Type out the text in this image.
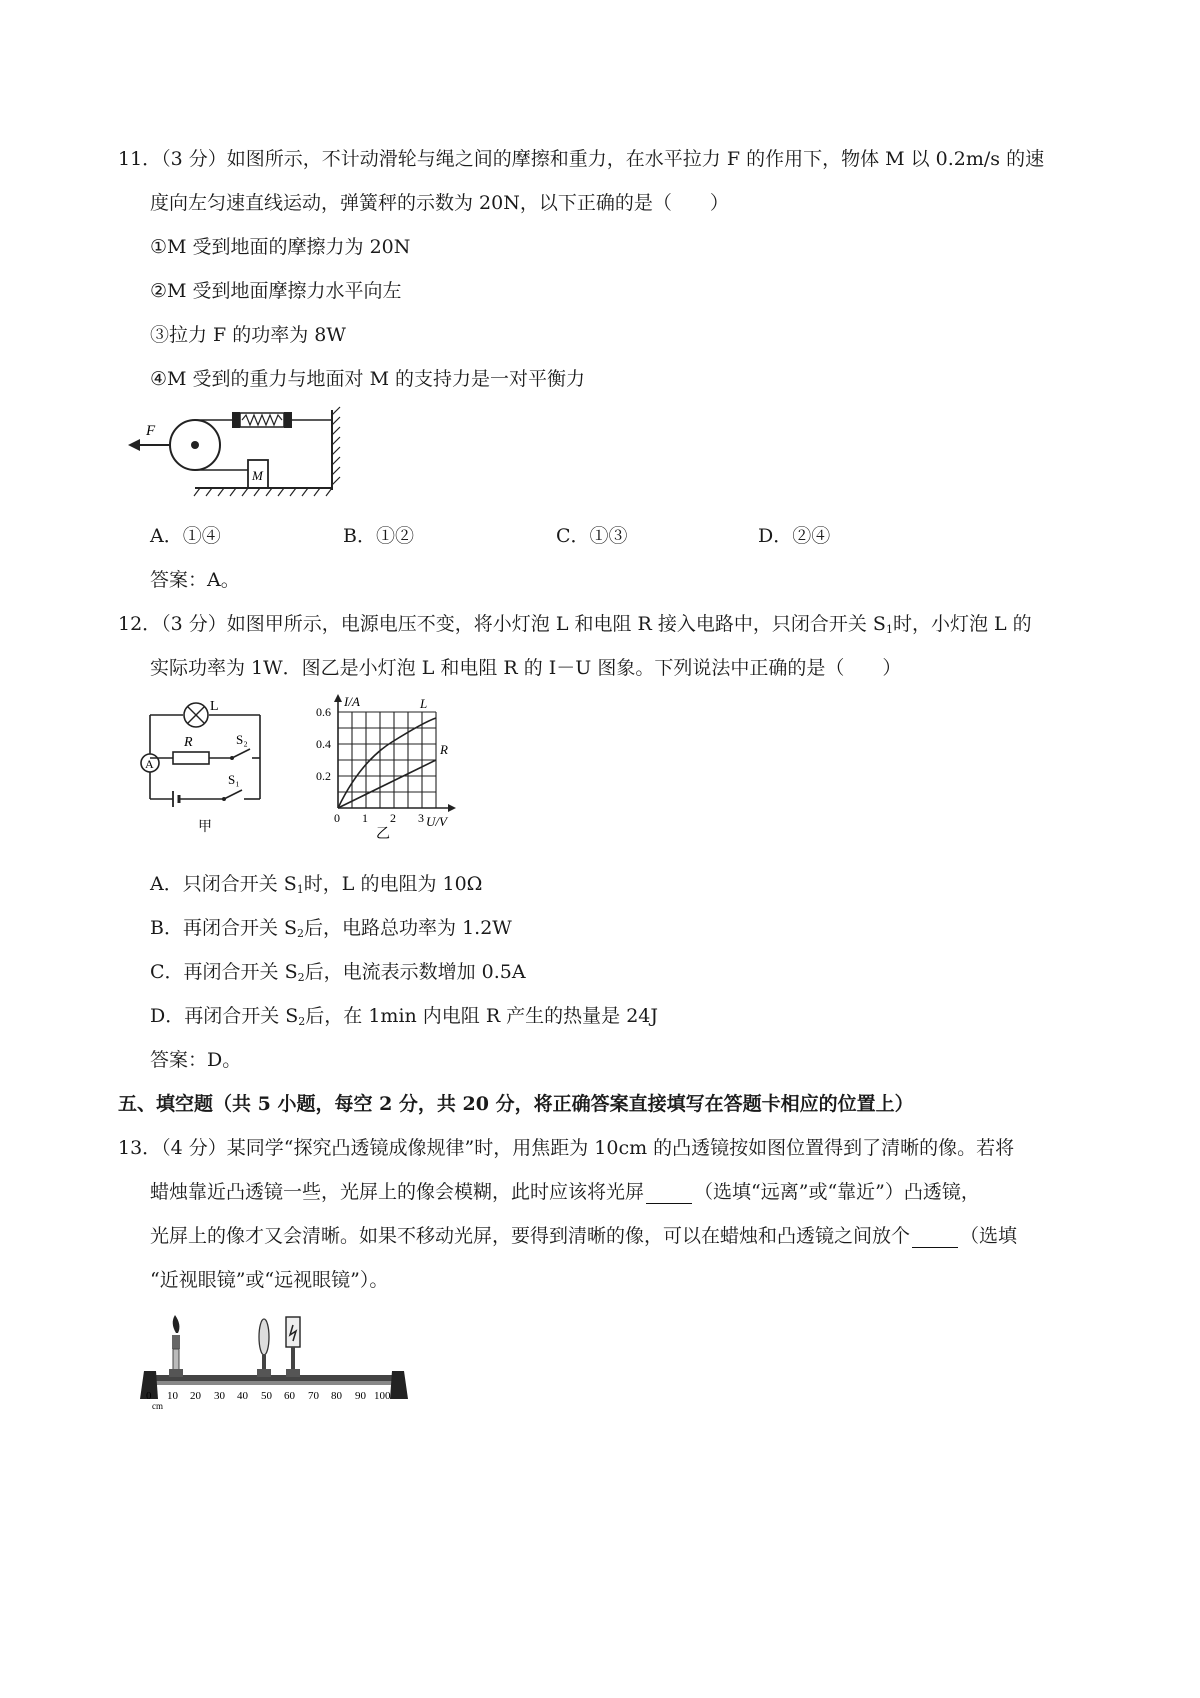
11．（3 分）如图所示，不计动滑轮与绳之间的摩擦和重力，在水平拉力 F 的作用下，物体 M 以 0.2m/s 的速
度向左匀速直线运动，弹簧秤的示数为 20N，以下正确的是（　　）
①M 受到地面的摩擦力为 20N
②M 受到地面摩擦力水平向左
③拉力 F 的功率为 8W
④M 受到的重力与地面对 M 的支持力是一对平衡力
F
M
A．①④	B．①②	C．①③	D．②④
答案：A。
12．（3 分）如图甲所示，电源电压不变，将小灯泡 L 和电阻 R 接入电路中，只闭合开关 $S_1$时，小灯泡 L 的
实际功率为 1W．图乙是小灯泡 L 和电阻 R 的 I－U 图象。下列说法中正确的是（　　）
L
R	S₂
A
S₁
甲
I/A
U/V
0.6
0.4
0.2
0 1 2 3
L
R
乙
A．只闭合开关 $S_1$时，L 的电阻为 10Ω
B．再闭合开关 $S_2$后，电路总功率为 1.2W
C．再闭合开关 $S_2$后，电流表示数增加 0.5A
D．再闭合开关 $S_2$后，在 1min 内电阻 R 产生的热量是 24J
答案：D。
五、填空题（共 5 小题，每空 2 分，共 20 分，将正确答案直接填写在答题卡相应的位置上）
13．（4 分）某同学“探究凸透镜成像规律”时，用焦距为 10cm 的凸透镜按如图位置得到了清晰的像。若将
蜡烛靠近凸透镜一些，光屏上的像会模糊，此时应该将光屏	（选填“远离”或“靠近”）凸透镜，
光屏上的像才又会清晰。如果不移动光屏，要得到清晰的像，可以在蜡烛和凸透镜之间放个	（选填
“近视眼镜”或“远视眼镜”）。
0 10 20 30 40 50 60 70 80 90 100
cm
